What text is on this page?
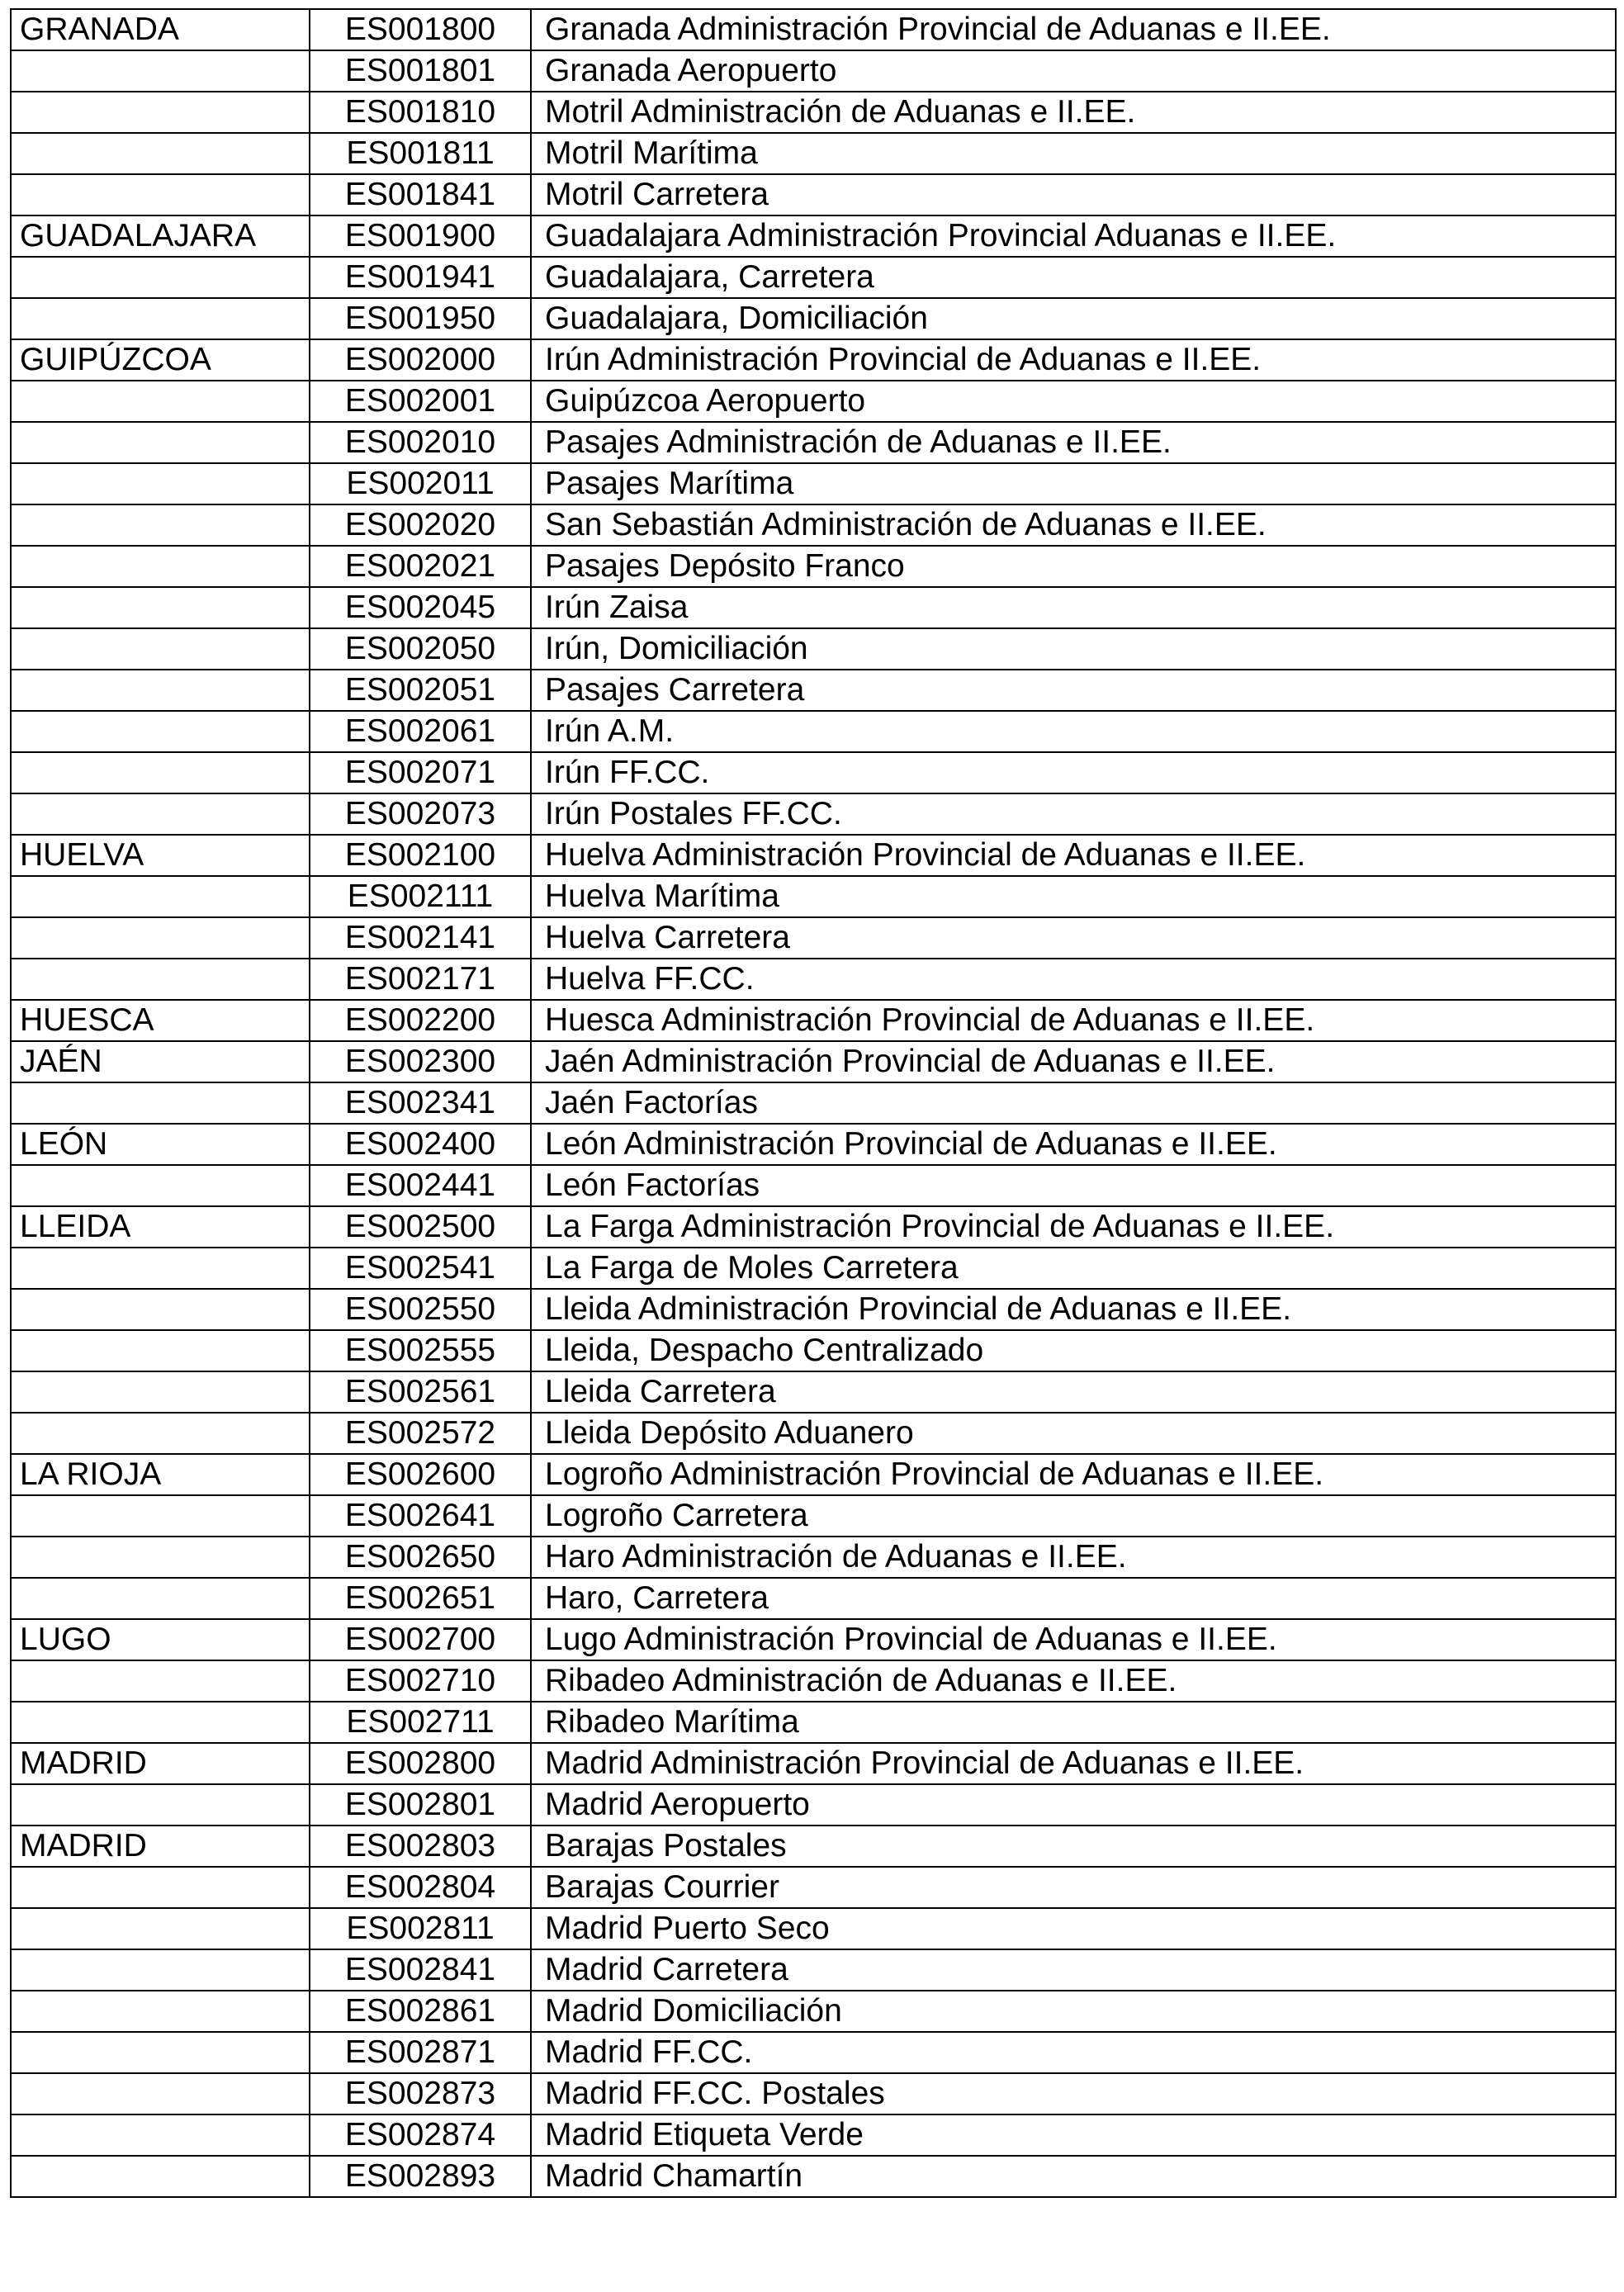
GRANADA	ES001800	Granada Administración Provincial de Aduanas e II.EE.
	ES001801	Granada Aeropuerto
	ES001810	Motril Administración de Aduanas e II.EE.
	ES001811	Motril Marítima
	ES001841	Motril Carretera
GUADALAJARA	ES001900	Guadalajara Administración Provincial Aduanas e II.EE.
	ES001941	Guadalajara, Carretera
	ES001950	Guadalajara, Domiciliación
GUIPÚZCOA	ES002000	Irún Administración Provincial de Aduanas e II.EE.
	ES002001	Guipúzcoa Aeropuerto
	ES002010	Pasajes Administración de Aduanas e II.EE.
	ES002011	Pasajes Marítima
	ES002020	San Sebastián Administración de Aduanas e II.EE.
	ES002021	Pasajes Depósito Franco
	ES002045	Irún Zaisa
	ES002050	Irún, Domiciliación
	ES002051	Pasajes Carretera
	ES002061	Irún A.M.
	ES002071	Irún FF.CC.
	ES002073	Irún Postales FF.CC.
HUELVA	ES002100	Huelva Administración Provincial de Aduanas e II.EE.
	ES002111	Huelva Marítima
	ES002141	Huelva Carretera
	ES002171	Huelva FF.CC.
HUESCA	ES002200	Huesca Administración Provincial de Aduanas e II.EE.
JAÉN	ES002300	Jaén Administración Provincial de Aduanas e II.EE.
	ES002341	Jaén Factorías
LEÓN	ES002400	León Administración Provincial de Aduanas e II.EE.
	ES002441	León Factorías
LLEIDA	ES002500	La Farga Administración Provincial de Aduanas e II.EE.
	ES002541	La Farga de Moles Carretera
	ES002550	Lleida Administración Provincial de Aduanas e II.EE.
	ES002555	Lleida, Despacho Centralizado
	ES002561	Lleida Carretera
	ES002572	Lleida Depósito Aduanero
LA RIOJA	ES002600	Logroño Administración Provincial de Aduanas e II.EE.
	ES002641	Logroño Carretera
	ES002650	Haro Administración de Aduanas e II.EE.
	ES002651	Haro, Carretera
LUGO	ES002700	Lugo Administración Provincial de Aduanas e II.EE.
	ES002710	Ribadeo Administración de Aduanas e II.EE.
	ES002711	Ribadeo Marítima
MADRID	ES002800	Madrid Administración Provincial de Aduanas e II.EE.
	ES002801	Madrid Aeropuerto
MADRID	ES002803	Barajas Postales
	ES002804	Barajas Courrier
	ES002811	Madrid Puerto Seco
	ES002841	Madrid Carretera
	ES002861	Madrid Domiciliación
	ES002871	Madrid FF.CC.
	ES002873	Madrid FF.CC. Postales
	ES002874	Madrid Etiqueta Verde
	ES002893	Madrid Chamartín
